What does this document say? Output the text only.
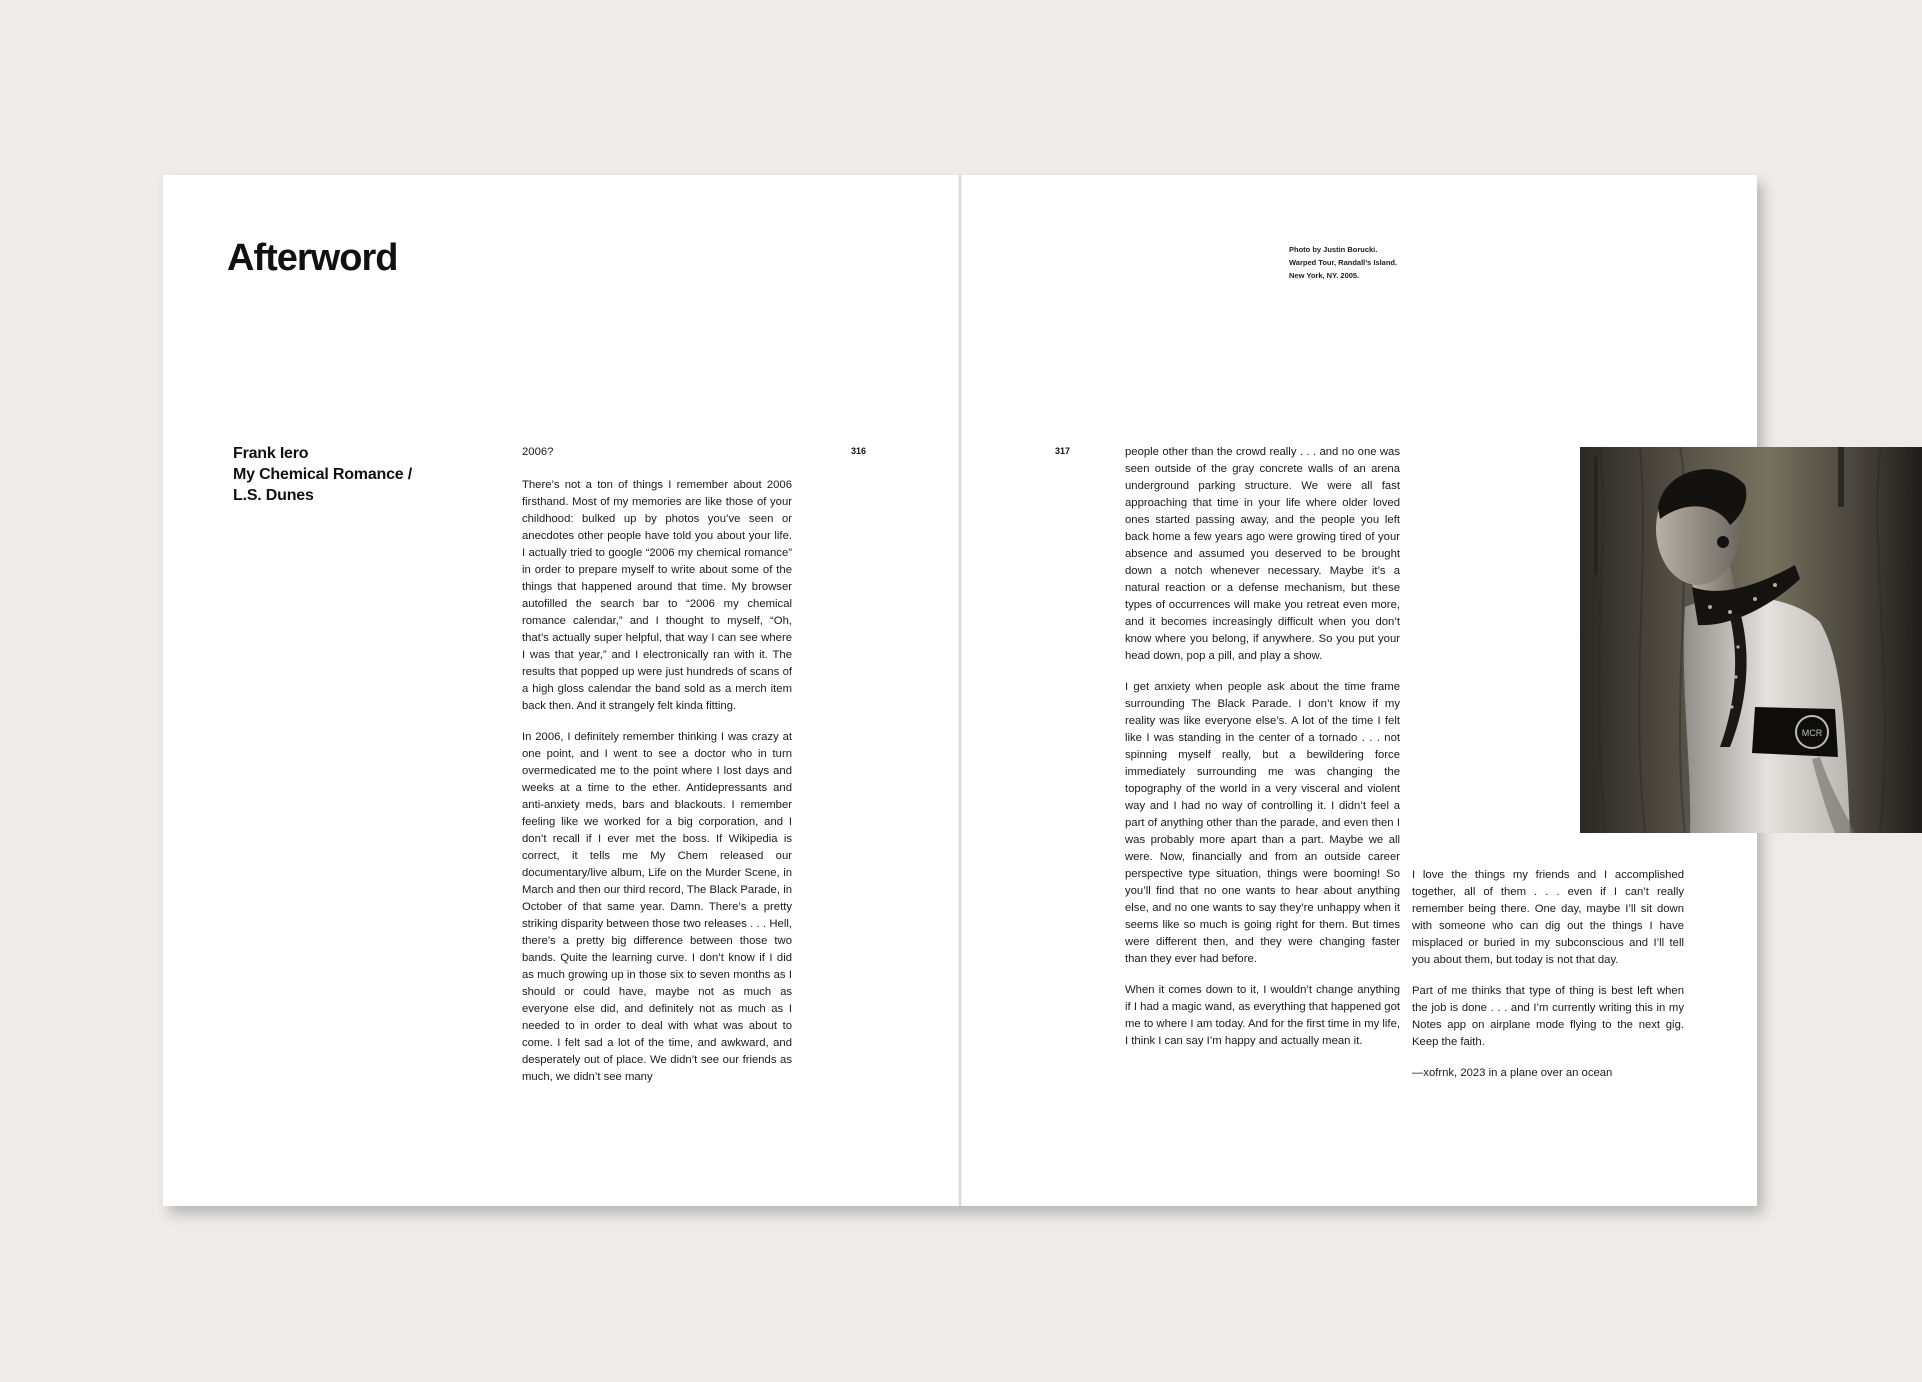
Afterword
Frank Iero
My Chemical Romance /
L.S. Dunes
316

2006?

There’s not a ton of things I remember about 2006 firsthand. Most of my memories are like those of your childhood: bulked up by photos you’ve seen or anecdotes other people have told you about your life. I actually tried to google “2006 my chemical romance” in order to prepare myself to write about some of the things that happened around that time. My browser autofilled the search bar to “2006 my chemical romance calendar,” and I thought to myself, “Oh, that’s actually super helpful, that way I can see where I was that year,” and I electronically ran with it. The results that popped up were just hundreds of scans of a high gloss calendar the band sold as a merch item back then. And it strangely felt kinda fitting.

In 2006, I definitely remember thinking I was crazy at one point, and I went to see a doctor who in turn overmedicated me to the point where I lost days and weeks at a time to the ether. Antidepressants and anti-anxiety meds, bars and blackouts. I remember feeling like we worked for a big corporation, and I don’t recall if I ever met the boss. If Wikipedia is correct, it tells me My Chem released our documentary/live album, Life on the Murder Scene, in March and then our third record, The Black Parade, in October of that same year. Damn. There’s a pretty striking disparity between those two releases . . . Hell, there’s a pretty big difference between those two bands. Quite the learning curve. I don’t know if I did as much growing up in those six to seven months as I should or could have, maybe not as much as everyone else did, and definitely not as much as I needed to in order to deal with what was about to come. I felt sad a lot of the time, and awkward, and desperately out of place. We didn’t see our friends as much, we didn’t see many

Photo by Justin Borucki.
Warped Tour, Randall’s Island.
New York, NY. 2005.
317	people other than the crowd really . . . and no one was seen outside of the gray concrete walls of an arena underground parking structure. We were all fast approaching that time in your life where older loved ones started passing away, and the people you left back home a few years ago were growing tired of your absence and assumed you deserved to be brought down a notch whenever necessary. Maybe it’s a natural reaction or a defense mechanism, but these types of occurrences will make you retreat even more, and it becomes increasingly difficult when you don’t know where you belong, if anywhere. So you put your head down, pop a pill, and play a show.

I get anxiety when people ask about the time frame surrounding The Black Parade. I don’t know if my reality was like everyone else’s. A lot of the time I felt like I was standing in the center of a tornado . . . not spinning myself really, but a bewildering force immediately surrounding me was changing the topography of the world in a very visceral and violent way and I had no way of controlling it. I didn’t feel a part of anything other than the parade, and even then I was probably more apart than a part. Maybe we all were. Now, financially and from an outside career perspective type situation, things were booming! So you’ll find that no one wants to hear about anything else, and no one wants to say they’re unhappy when it seems like so much is going right for them. But times were different then, and they were changing faster than they ever had before.

When it comes down to it, I wouldn’t change anything if I had a magic wand, as everything that happened got me to where I am today. And for the first time in my life, I think I can say I’m happy and actually mean it.

MCR

I love the things my friends and I accomplished together, all of them . . . even if I can’t really remember being there. One day, maybe I’ll sit down with someone who can dig out the things I have misplaced or buried in my subconscious and I’ll tell you about them, but today is not that day.

Part of me thinks that type of thing is best left when the job is done . . . and I’m currently writing this in my Notes app on airplane mode flying to the next gig. Keep the faith.

—xofrnk, 2023 in a plane over an ocean
